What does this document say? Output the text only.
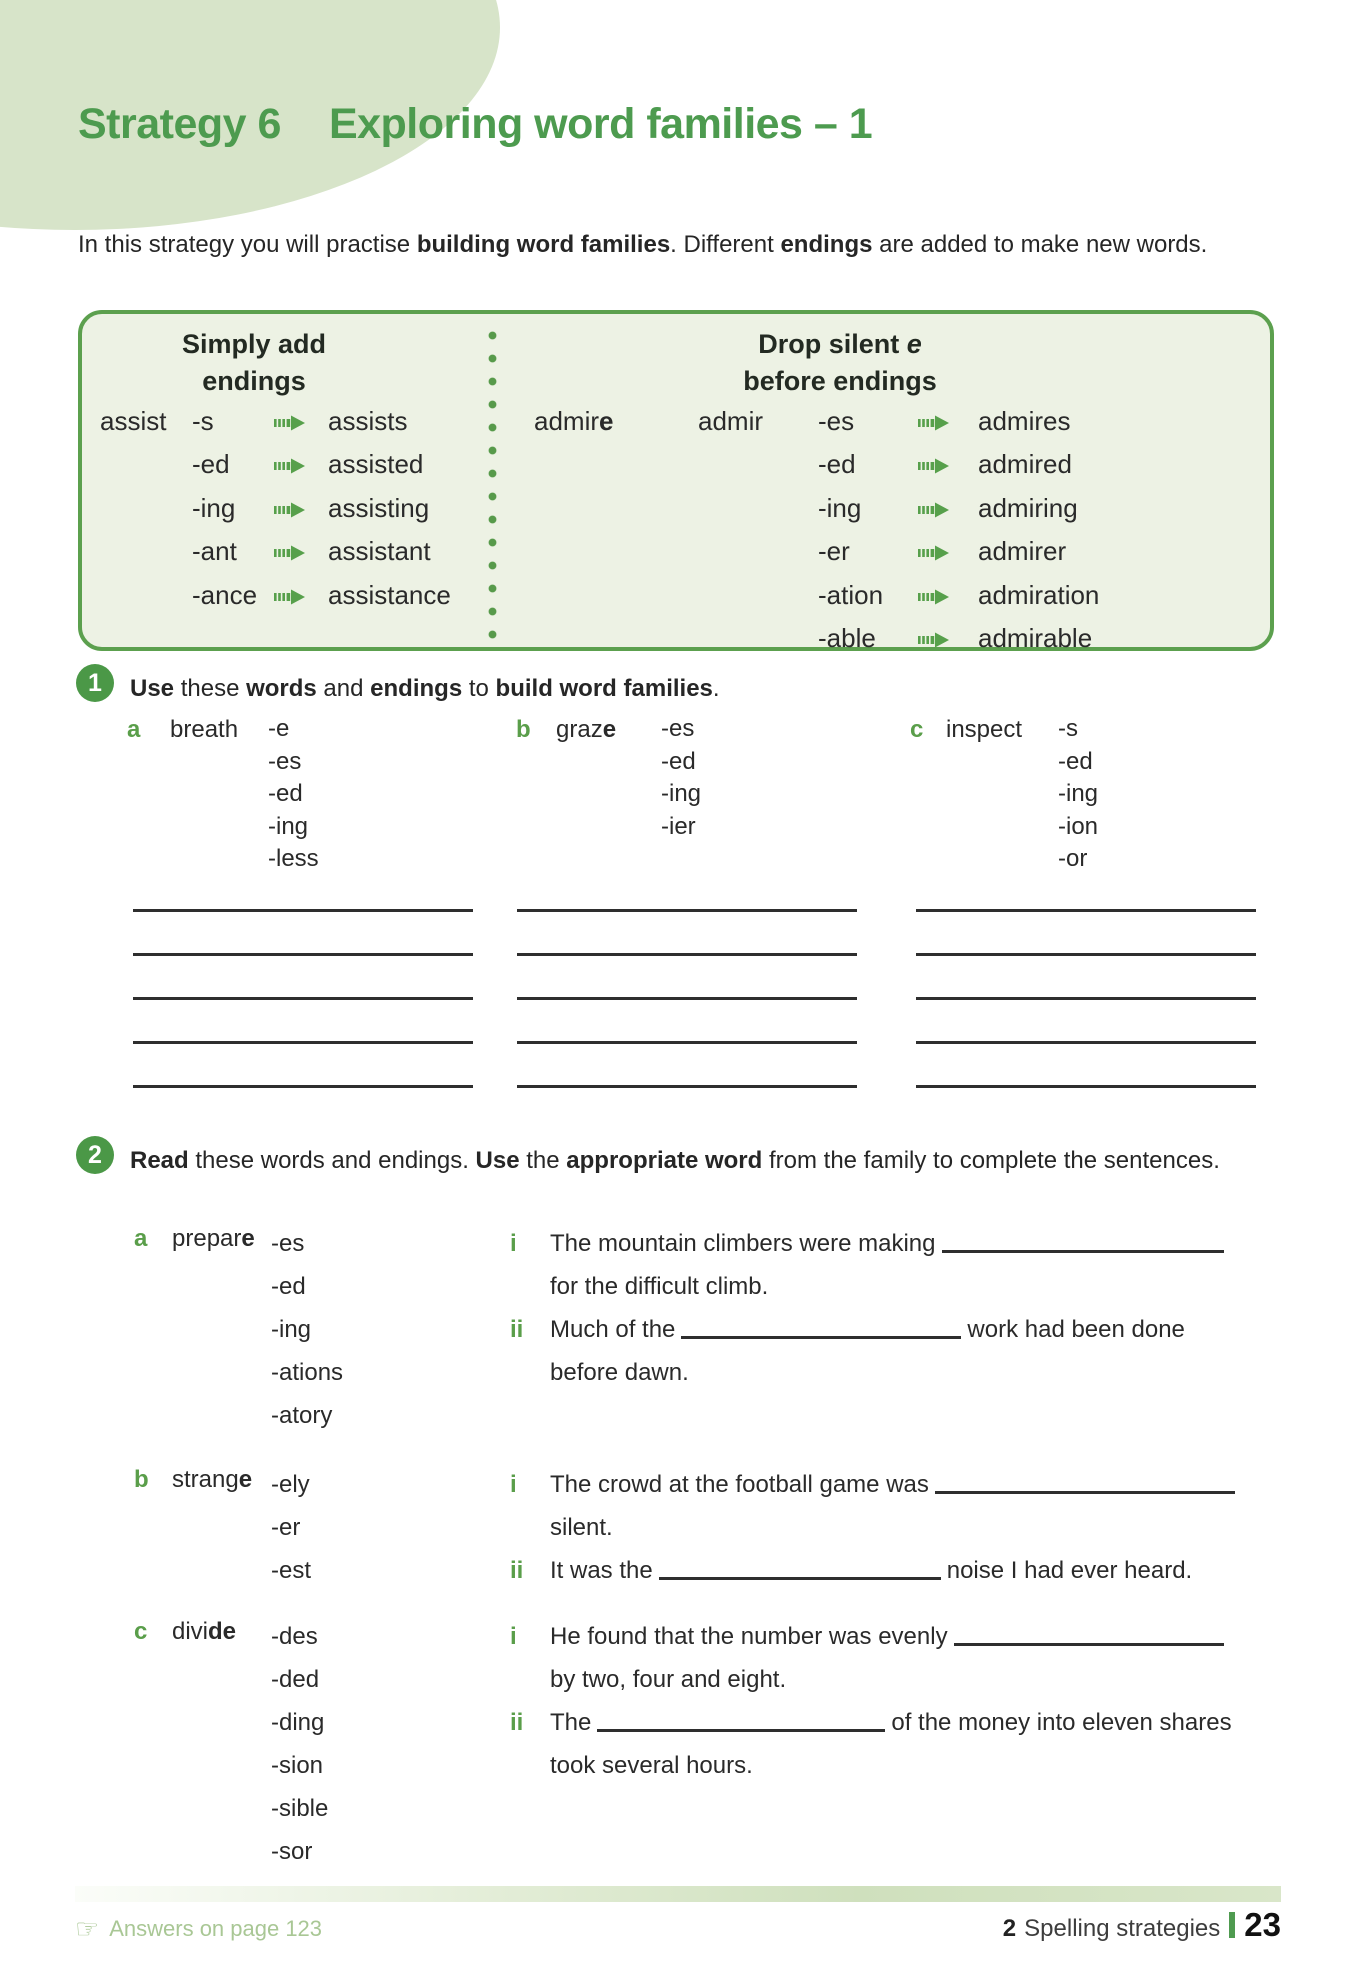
Strategy 6 Exploring word families – 1

In this strategy you will practise building word families. Different endings are added to make new words.

Simply add
endings
Drop silent e
before endings
assist -s	assists
-ed	assisted
-ing	assisting
-ant	assistant
-ance	assistance
admire	admir	-es	admires
-ed	admired
-ing	admiring
-er	admirer
-ation	admiration
-able	admirable
1	Use these words and endings to build word families.

a breath -e
-es
-ed
-ing
-less
b graze -es
-ed
-ing
-ier
c inspect -s
-ed
-ing
-ion
-or
2	Read these words and endings. Use the appropriate word from the family to complete the sentences.

a prepare -es
-ed
-ing
-ations
-atory
i The mountain climbers were making
for the difficult climb.
ii Much of the	work had been done
before dawn.
b strange -ely
-er
-est
i The crowd at the football game was
silent.
ii It was the	noise I had ever heard.
c divide -des
-ded
-ding
-sion
-sible
-sor
i He found that the number was evenly
by two, four and eight.
ii The	of the money into eleven shares
took several hours.
☞ Answers on page 123	2 Spelling strategies 23
